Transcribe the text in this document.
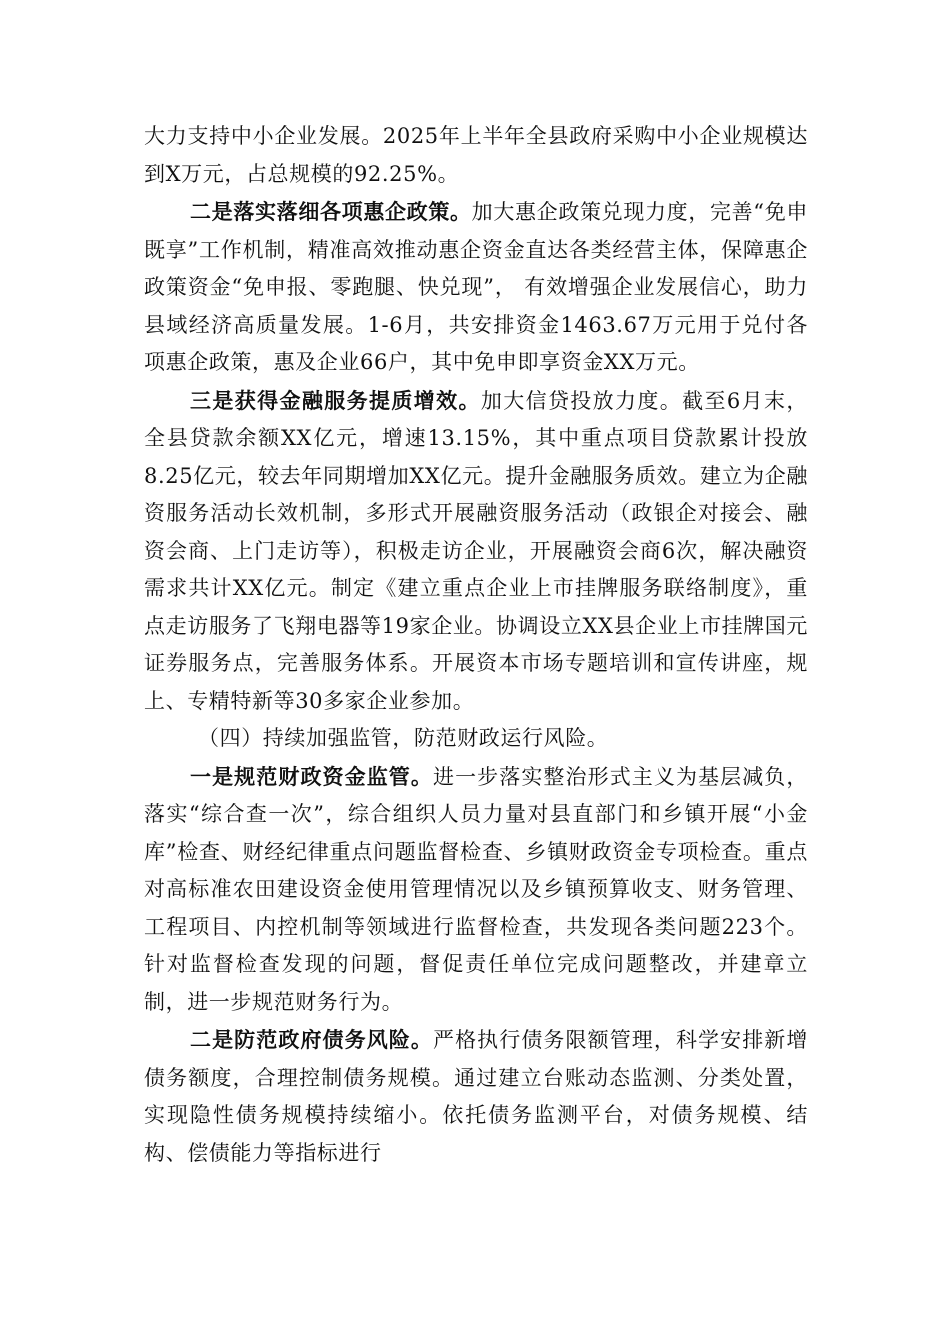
大力支持中小企业发展。2025年上半年全县政府采购中小企业规模达到X万元，占总规模的92.25%。

二是落实落细各项惠企政策。加大惠企政策兑现力度，完善“免申既享”工作机制，精准高效推动惠企资金直达各类经营主体，保障惠企政策资金“免申报、零跑腿、快兑现”， 有效增强企业发展信心，助力县域经济高质量发展。1-6月，共安排资金1463.67万元用于兑付各项惠企政策，惠及企业66户，其中免申即享资金XX万元。

三是获得金融服务提质增效。加大信贷投放力度。截至6月末，全县贷款余额XX亿元，增速13.15%，其中重点项目贷款累计投放8.25亿元，较去年同期增加XX亿元。提升金融服务质效。建立为企融资服务活动长效机制，多形式开展融资服务活动（政银企对接会、融资会商、上门走访等），积极走访企业，开展融资会商6次，解决融资需求共计XX亿元。制定《建立重点企业上市挂牌服务联络制度》，重点走访服务了飞翔电器等19家企业。协调设立XX县企业上市挂牌国元证券服务点，完善服务体系。开展资本市场专题培训和宣传讲座，规上、专精特新等30多家企业参加。

（四）持续加强监管，防范财政运行风险。

一是规范财政资金监管。进一步落实整治形式主义为基层减负，落实“综合查一次”，综合组织人员力量对县直部门和乡镇开展“小金库”检查、财经纪律重点问题监督检查、乡镇财政资金专项检查。重点对高标准农田建设资金使用管理情况以及乡镇预算收支、财务管理、工程项目、内控机制等领域进行监督检查，共发现各类问题223个。针对监督检查发现的问题，督促责任单位完成问题整改，并建章立制，进一步规范财务行为。

二是防范政府债务风险。严格执行债务限额管理，科学安排新增债务额度，合理控制债务规模。通过建立台账动态监测、分类处置，实现隐性债务规模持续缩小。依托债务监测平台，对债务规模、结构、偿债能力等指标进行
